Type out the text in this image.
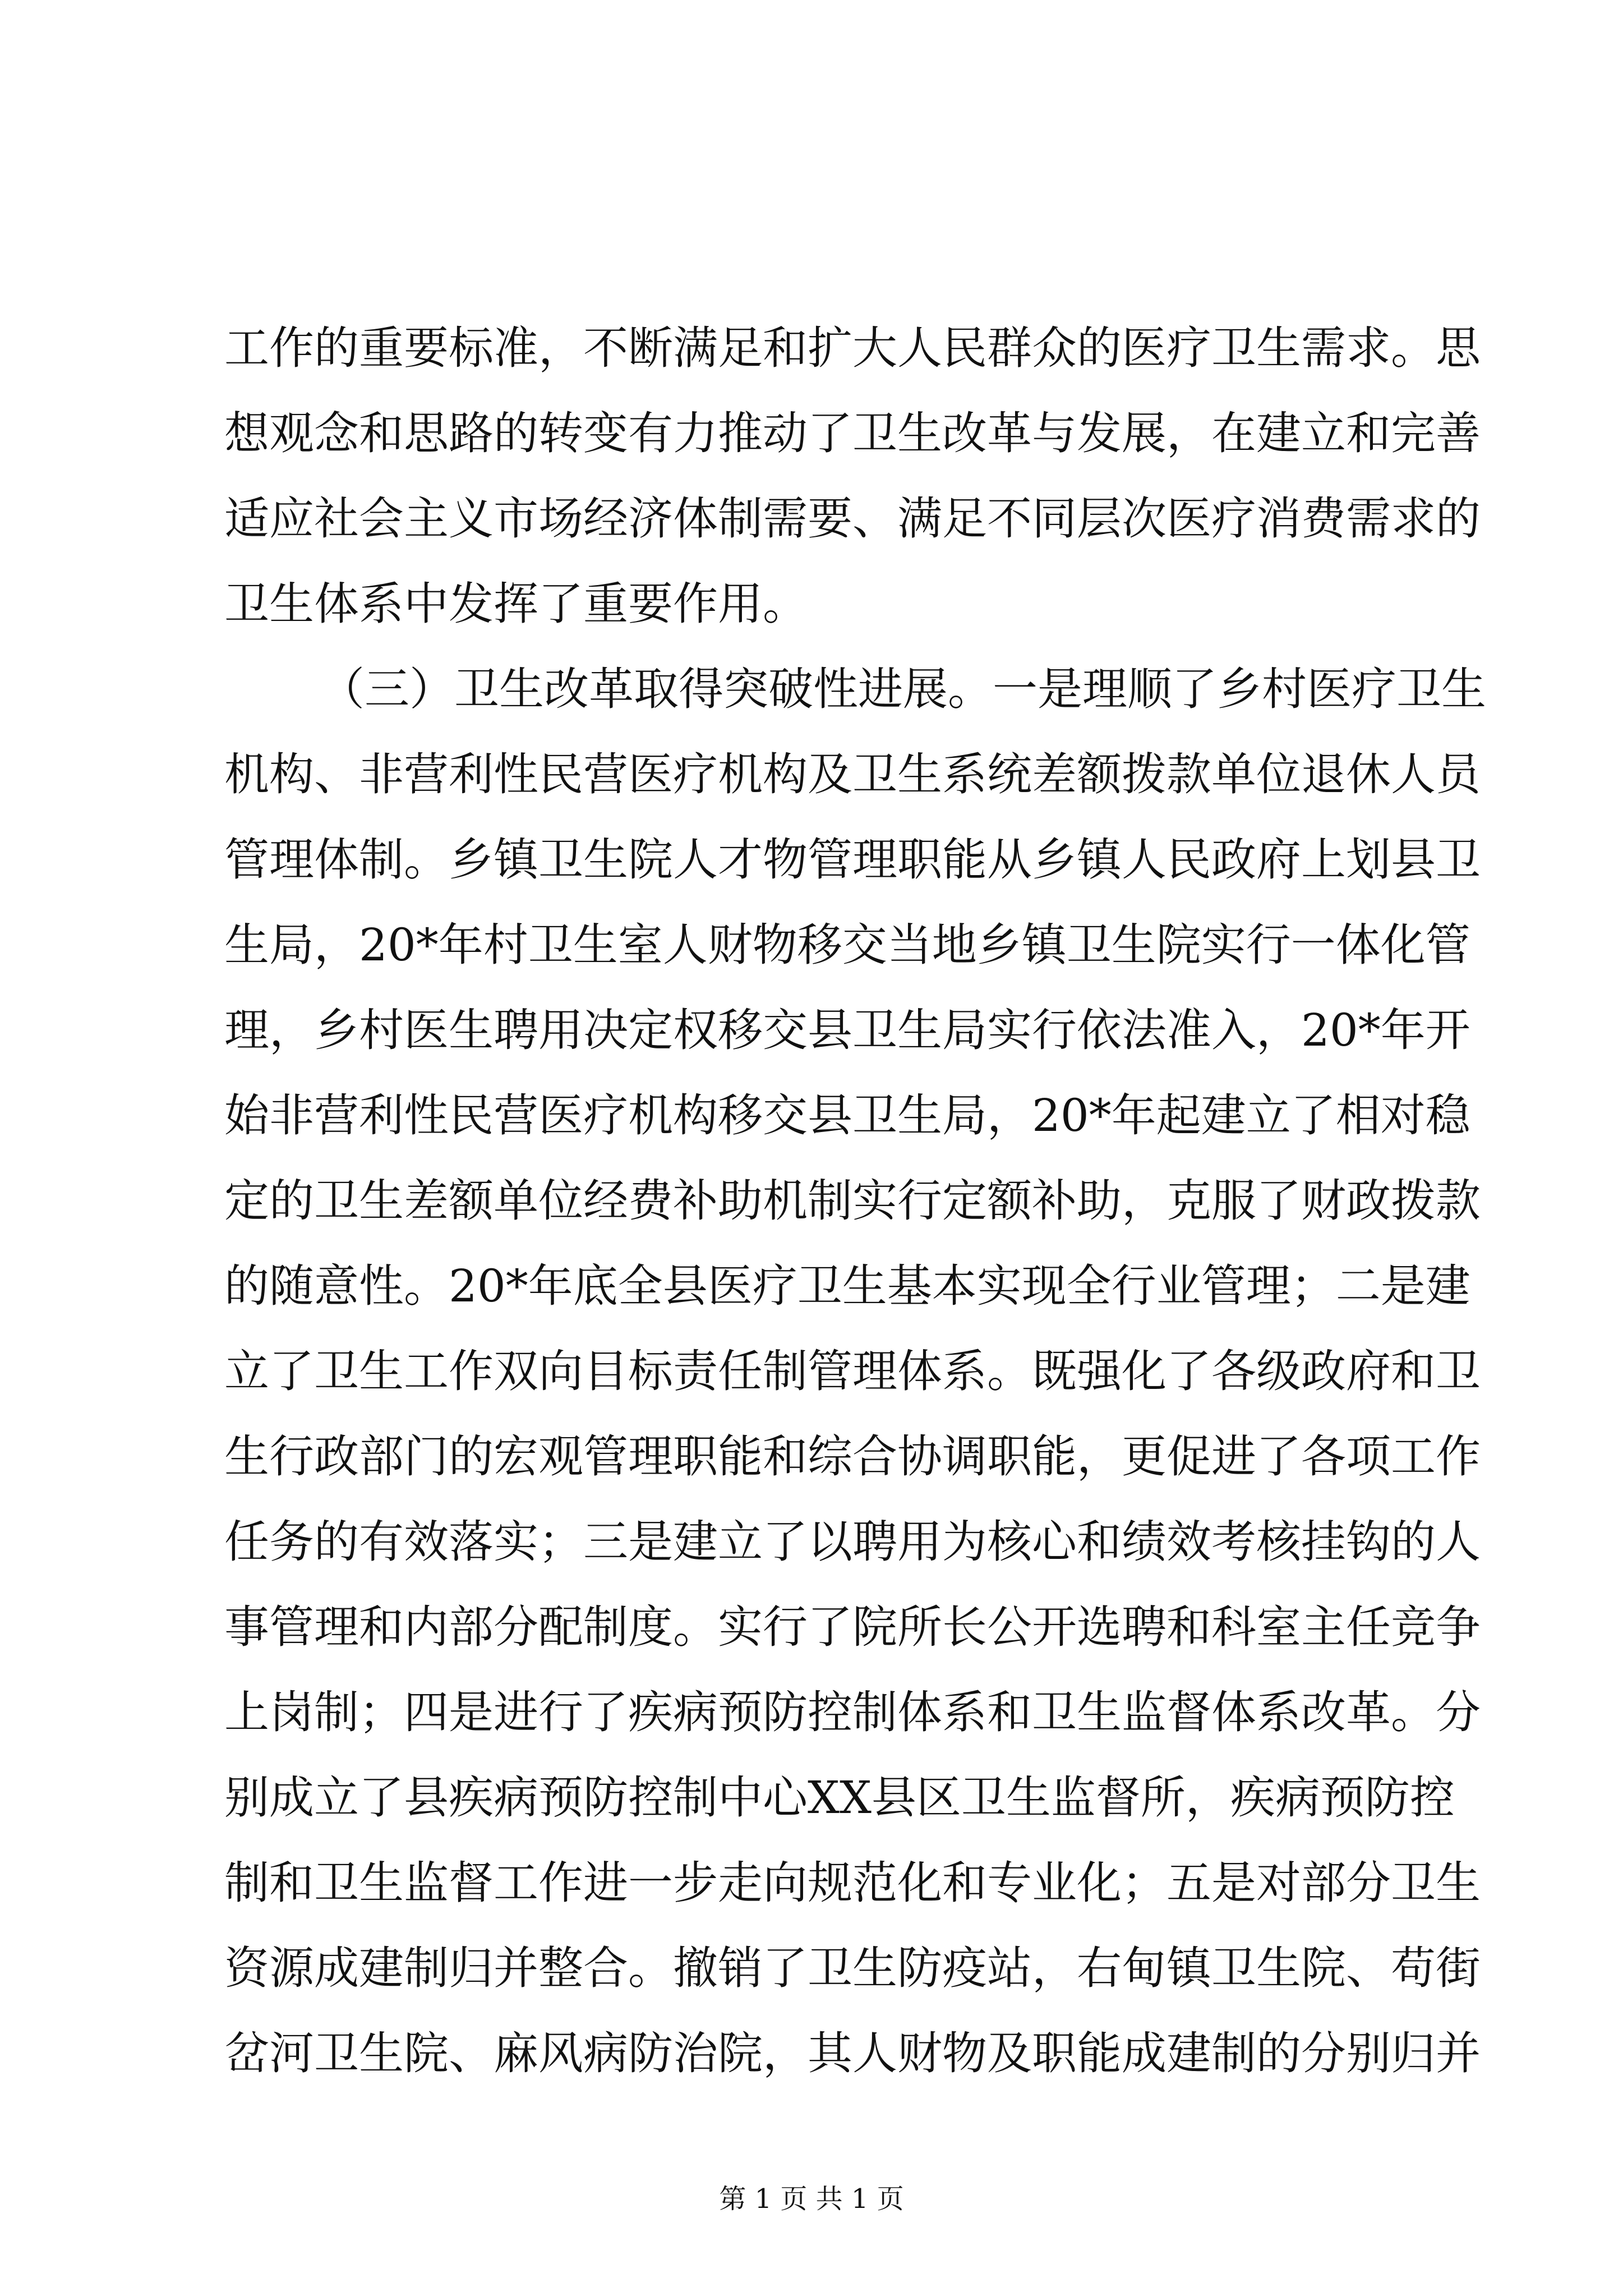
工作的重要标准，不断满足和扩大人民群众的医疗卫生需求。思
想观念和思路的转变有力推动了卫生改革与发展，在建立和完善
适应社会主义市场经济体制需要、满足不同层次医疗消费需求的
卫生体系中发挥了重要作用。
（三）卫生改革取得突破性进展。一是理顺了乡村医疗卫生
机构、非营利性民营医疗机构及卫生系统差额拨款单位退休人员
管理体制。乡镇卫生院人才物管理职能从乡镇人民政府上划县卫
生局，20*年村卫生室人财物移交当地乡镇卫生院实行一体化管
理，乡村医生聘用决定权移交县卫生局实行依法准入，20*年开
始非营利性民营医疗机构移交县卫生局，20*年起建立了相对稳
定的卫生差额单位经费补助机制实行定额补助，克服了财政拨款
的随意性。20*年底全县医疗卫生基本实现全行业管理；二是建
立了卫生工作双向目标责任制管理体系。既强化了各级政府和卫
生行政部门的宏观管理职能和综合协调职能，更促进了各项工作
任务的有效落实；三是建立了以聘用为核心和绩效考核挂钩的人
事管理和内部分配制度。实行了院所长公开选聘和科室主任竞争
上岗制；四是进行了疾病预防控制体系和卫生监督体系改革。分
别成立了县疾病预防控制中心XX县区卫生监督所，疾病预防控
制和卫生监督工作进一步走向规范化和专业化；五是对部分卫生
资源成建制归并整合。撤销了卫生防疫站，右甸镇卫生院、苟街
岔河卫生院、麻风病防治院，其人财物及职能成建制的分别归并
第 1 页 共 1 页
